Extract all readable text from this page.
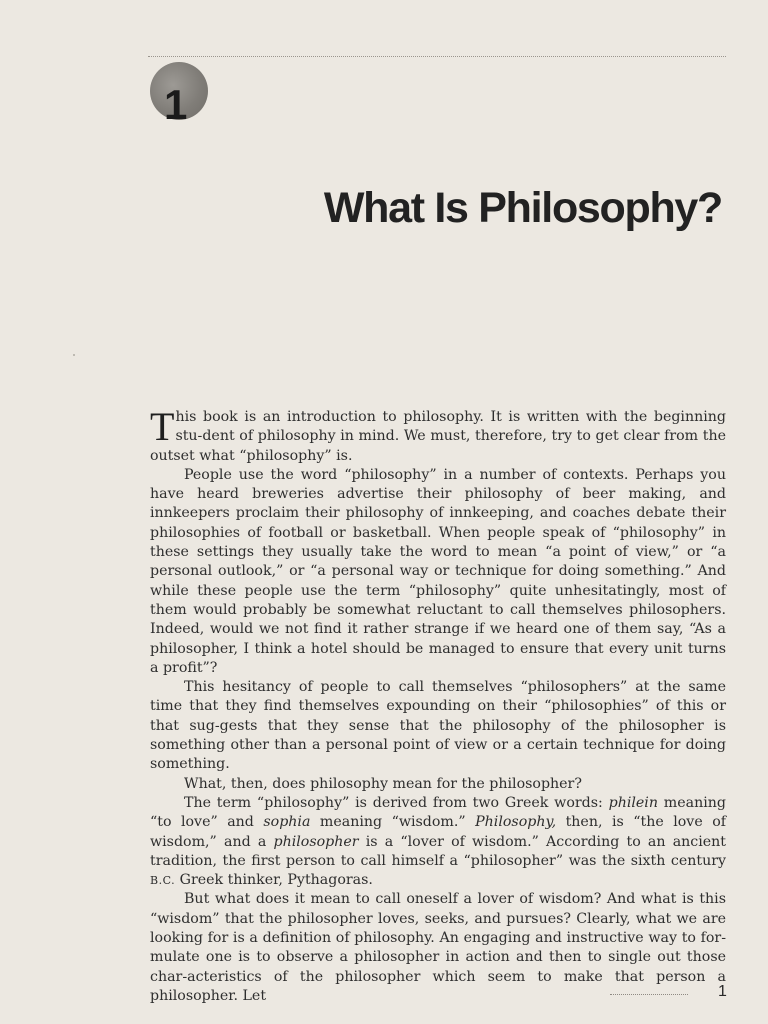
1
What Is Philosophy?

This book is an introduction to philosophy. It is written with the beginning stu-dent of philosophy in mind. We must, therefore, try to get clear from the outset what “philosophy” is.

People use the word “philosophy” in a number of contexts. Perhaps you have heard breweries advertise their philosophy of beer making, and innkeepers proclaim their philosophy of innkeeping, and coaches debate their philosophies of football or basketball. When people speak of “philosophy” in these settings they usually take the word to mean “a point of view,” or “a personal outlook,” or “a personal way or technique for doing something.” And while these people use the term “philosophy” quite unhesitatingly, most of them would probably be somewhat reluctant to call themselves philosophers. Indeed, would we not find it rather strange if we heard one of them say, “As a philosopher, I think a hotel should be managed to ensure that every unit turns a profit”?

This hesitancy of people to call themselves “philosophers” at the same time that they find themselves expounding on their “philosophies” of this or that sug-gests that they sense that the philosophy of the philosopher is something other than a personal point of view or a certain technique for doing something.

What, then, does philosophy mean for the philosopher?

The term “philosophy” is derived from two Greek words: philein meaning “to love” and sophia meaning “wisdom.” Philosophy, then, is “the love of wisdom,” and a philosopher is a “lover of wisdom.” According to an ancient tradition, the first person to call himself a “philosopher” was the sixth century B.C. Greek thinker, Pythagoras.

But what does it mean to call oneself a lover of wisdom? And what is this “wisdom” that the philosopher loves, seeks, and pursues? Clearly, what we are looking for is a definition of philosophy. An engaging and instructive way to for-mulate one is to observe a philosopher in action and then to single out those char-acteristics of the philosopher which seem to make that person a philosopher. Let	1
